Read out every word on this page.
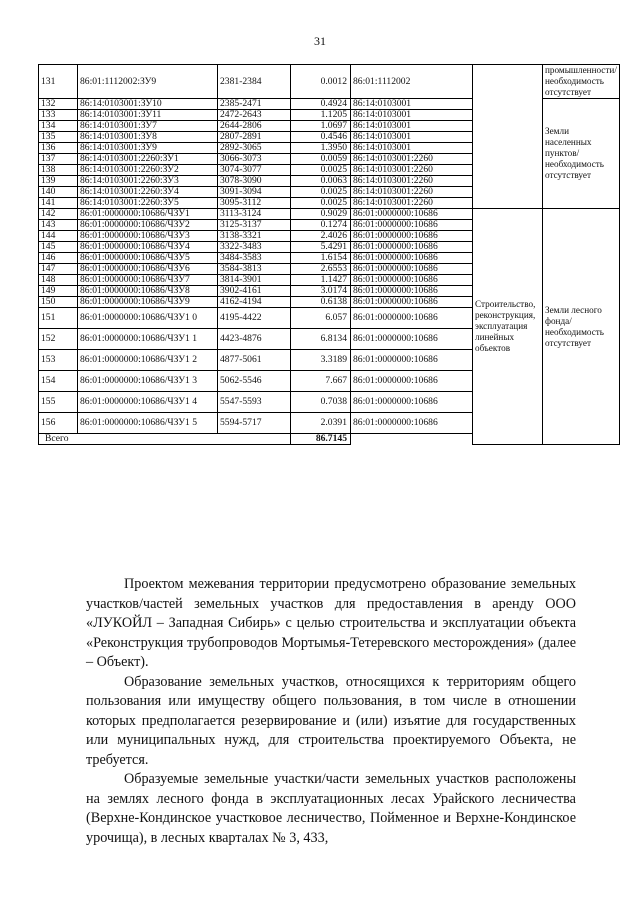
31
131	86:01:1112002:ЗУ9	2381-2384	0.0012	86:01:1112002		промышленности/ необходимость отсутствует
132	86:14:0103001:ЗУ10	2385-2471	0.4924	86:14:0103001		Земли населенных пунктов/ необходимость отсутствует
133	86:14:0103001:ЗУ11	2472-2643	1.1205	86:14:0103001		
134	86:14:0103001:ЗУ7	2644-2806	1.0697	86:14:0103001		
135	86:14:0103001:ЗУ8	2807-2891	0.4546	86:14:0103001		
136	86:14:0103001:ЗУ9	2892-3065	1.3950	86:14:0103001		
137	86:14:0103001:2260:ЗУ1	3066-3073	0.0059	86:14:0103001:2260		
138	86:14:0103001:2260:ЗУ2	3074-3077	0.0025	86:14:0103001:2260		
139	86:14:0103001:2260:ЗУ3	3078-3090	0.0063	86:14:0103001:2260		
140	86:14:0103001:2260:ЗУ4	3091-3094	0.0025	86:14:0103001:2260		
141	86:14:0103001:2260:ЗУ5	3095-3112	0.0025	86:14:0103001:2260		
142	86:01:0000000:10686/ЧЗУ1	3113-3124	0.9029	86:01:0000000:10686	Строительство, реконструкция, эксплуатация линейных объектов	Земли лесного фонда/ необходимость отсутствует
143	86:01:0000000:10686/ЧЗУ2	3125-3137	0.1274	86:01:0000000:10686		
144	86:01:0000000:10686/ЧЗУ3	3138-3321	2.4026	86:01:0000000:10686		
145	86:01:0000000:10686/ЧЗУ4	3322-3483	5.4291	86:01:0000000:10686		
146	86:01:0000000:10686/ЧЗУ5	3484-3583	1.6154	86:01:0000000:10686		
147	86:01:0000000:10686/ЧЗУ6	3584-3813	2.6553	86:01:0000000:10686		
148	86:01:0000000:10686/ЧЗУ7	3814-3901	1.1427	86:01:0000000:10686		
149	86:01:0000000:10686/ЧЗУ8	3902-4161	3.0174	86:01:0000000:10686		
150	86:01:0000000:10686/ЧЗУ9	4162-4194	0.6138	86:01:0000000:10686		
151	86:01:0000000:10686/ЧЗУ1 0	4195-4422	6.057	86:01:0000000:10686		
152	86:01:0000000:10686/ЧЗУ1 1	4423-4876	6.8134	86:01:0000000:10686		
153	86:01:0000000:10686/ЧЗУ1 2	4877-5061	3.3189	86:01:0000000:10686		
154	86:01:0000000:10686/ЧЗУ1 3	5062-5546	7.667	86:01:0000000:10686		
155	86:01:0000000:10686/ЧЗУ1 4	5547-5593	0.7038	86:01:0000000:10686		
156	86:01:0000000:10686/ЧЗУ1 5	5594-5717	2.0391	86:01:0000000:10686		
Всего			86.7145			

Проектом межевания территории предусмотрено образование земельных участков/частей земельных участков для предоставления в аренду ООО «ЛУКОЙЛ – Западная Сибирь» с целью строительства и эксплуатации объекта «Реконструкция трубопроводов Мортымья-Тетеревского месторождения» (далее – Объект).

Образование земельных участков, относящихся к территориям общего пользования или имуществу общего пользования, в том числе в отношении которых предполагается резервирование и (или) изъятие для государственных или муниципальных нужд, для строительства проектируемого Объекта, не требуется.

Образуемые земельные участки/части земельных участков расположены на землях лесного фонда в эксплуатационных лесах Урайского лесничества (Верхне-Кондинское участковое лесничество, Пойменное и Верхне-Кондинское урочища), в лесных кварталах № 3, 433,
